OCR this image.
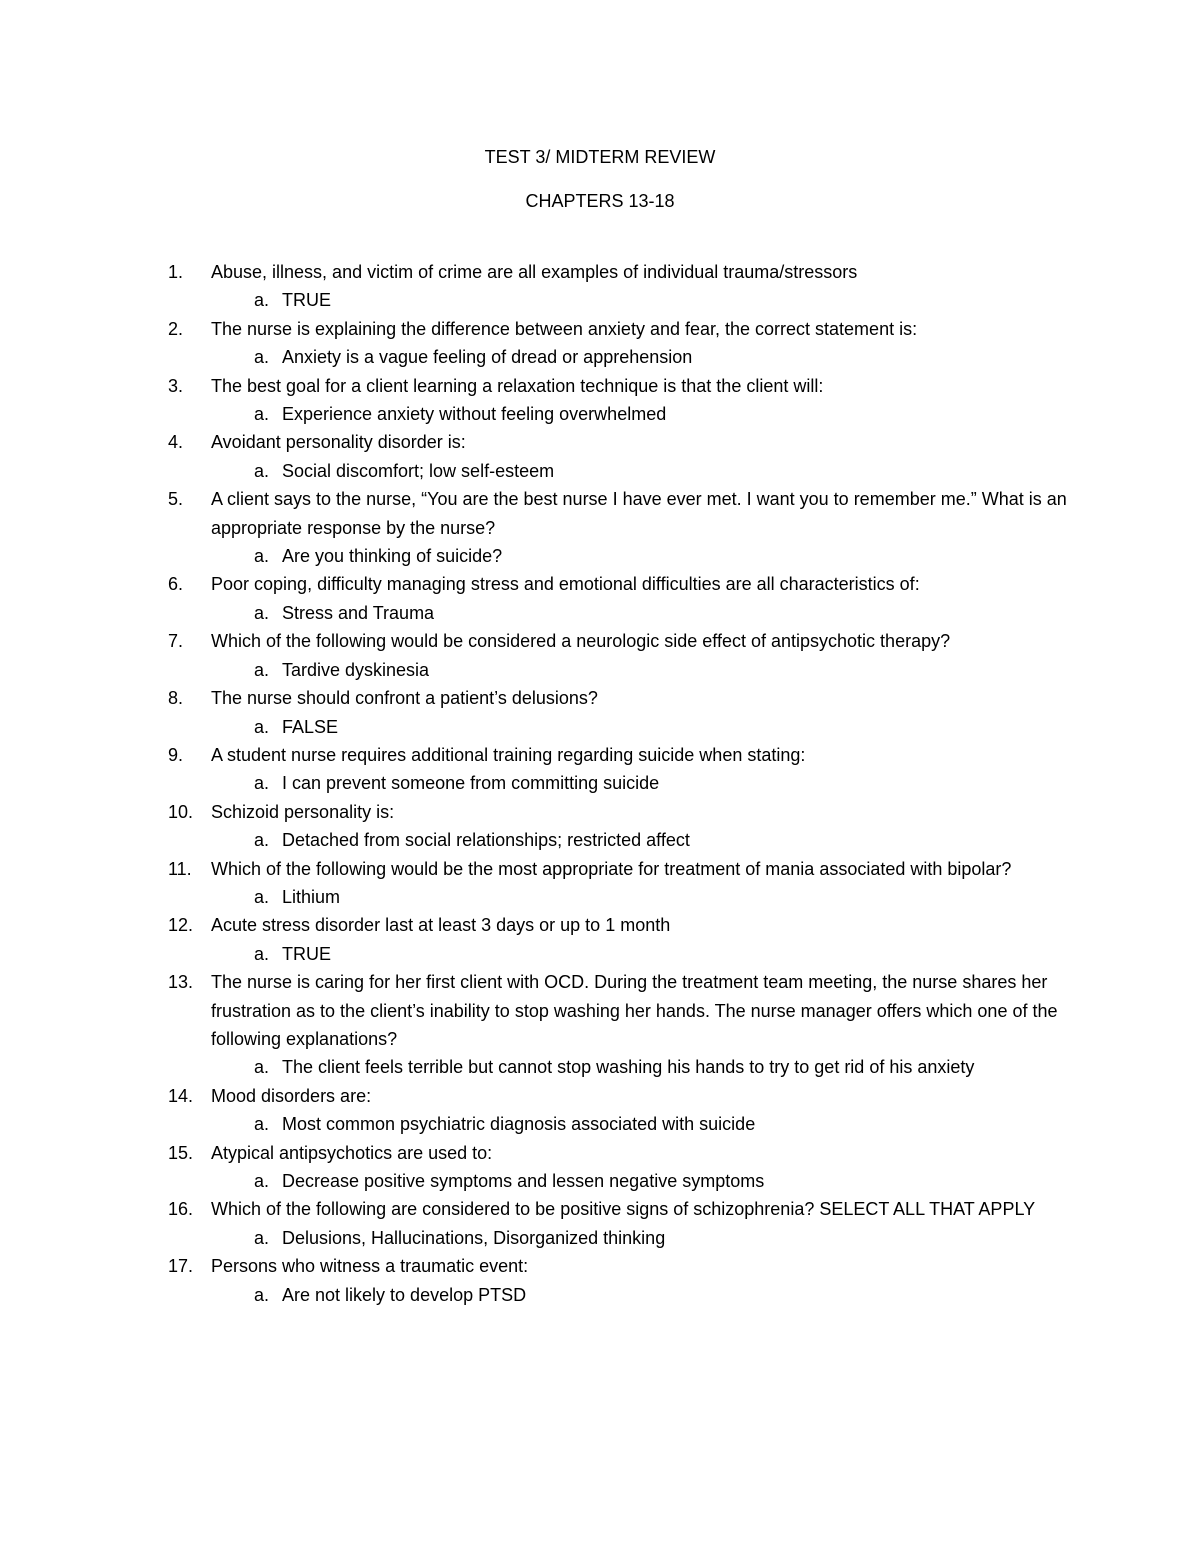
TEST 3/ MIDTERM REVIEW
CHAPTERS 13-18
1. Abuse, illness, and victim of crime are all examples of individual trauma/stressors
a. TRUE
2. The nurse is explaining the difference between anxiety and fear, the correct statement is:
a. Anxiety is a vague feeling of dread or apprehension
3. The best goal for a client learning a relaxation technique is that the client will:
a. Experience anxiety without feeling overwhelmed
4. Avoidant personality disorder is:
a. Social discomfort; low self-esteem
5. A client says to the nurse, “You are the best nurse I have ever met. I want you to remember me.” What is an appropriate response by the nurse?
a. Are you thinking of suicide?
6. Poor coping, difficulty managing stress and emotional difficulties are all characteristics of:
a. Stress and Trauma
7. Which of the following would be considered a neurologic side effect of antipsychotic therapy?
a. Tardive dyskinesia
8. The nurse should confront a patient’s delusions?
a. FALSE
9. A student nurse requires additional training regarding suicide when stating:
a. I can prevent someone from committing suicide
10. Schizoid personality is:
a. Detached from social relationships; restricted affect
11. Which of the following would be the most appropriate for treatment of mania associated with bipolar?
a. Lithium
12. Acute stress disorder last at least 3 days or up to 1 month
a. TRUE
13. The nurse is caring for her first client with OCD. During the treatment team meeting, the nurse shares her frustration as to the client’s inability to stop washing her hands. The nurse manager offers which one of the following explanations?
a. The client feels terrible but cannot stop washing his hands to try to get rid of his anxiety
14. Mood disorders are:
a. Most common psychiatric diagnosis associated with suicide
15. Atypical antipsychotics are used to:
a. Decrease positive symptoms and lessen negative symptoms
16. Which of the following are considered to be positive signs of schizophrenia? SELECT ALL THAT APPLY
a. Delusions, Hallucinations, Disorganized thinking
17. Persons who witness a traumatic event:
a. Are not likely to develop PTSD
